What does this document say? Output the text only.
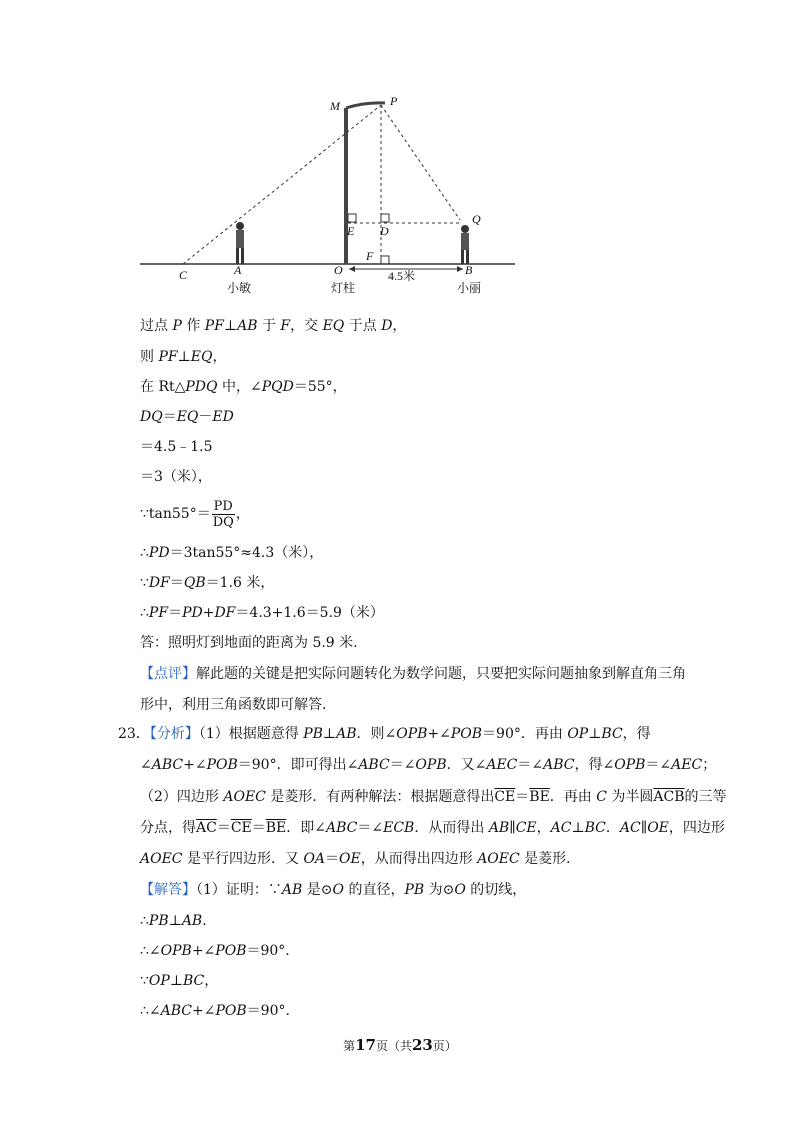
M	P
E D
Q
F
C	A	O	B
4.5米
小敏	灯柱	小丽
过点 P 作 PF⊥AB 于 F，交 EQ 于点 D，
则 PF⊥EQ，
在 Rt△PDQ 中，∠PQD＝55°，
DQ＝EQ－ED
＝4.5﹣1.5
＝3（米），
∵tan55°＝ $\frac{PD}{DQ}$ ，
∴PD＝3tan55°≈4.3（米），
∵DF＝QB＝1.6 米，
∴PF＝PD+DF＝4.3+1.6＝5.9（米）
答：照明灯到地面的距离为 5.9 米.
【点评】解此题的关键是把实际问题转化为数学问题，只要把实际问题抽象到解直角三角
形中，利用三角函数即可解答.
23．【分析】（1）根据题意得 PB⊥AB．则∠OPB+∠POB＝90°．再由 OP⊥BC，得
∠ABC+∠POB＝90°．即可得出∠ABC＝∠OPB．又∠AEC＝∠ABC，得∠OPB＝∠AEC；
（2）四边形 AOEC 是菱形．有两种解法：根据题意得出$\overline{CE}=\overline{BE}$．再由 C 为半圆$\overline{ACB}$的三等
分点，得$\overline{AC}=\overline{CE}=\overline{BE}$．即∠ABC＝∠ECB．从而得出 AB∥CE，AC⊥BC．AC∥OE，四边形
AOEC 是平行四边形．又 OA＝OE，从而得出四边形 AOEC 是菱形．
【解答】（1）证明：∵AB 是⊙O 的直径，PB 为⊙O 的切线，
∴PB⊥AB.
∴∠OPB+∠POB＝90°.
∵OP⊥BC，
∴∠ABC+∠POB＝90°.
第17页（共23页）
